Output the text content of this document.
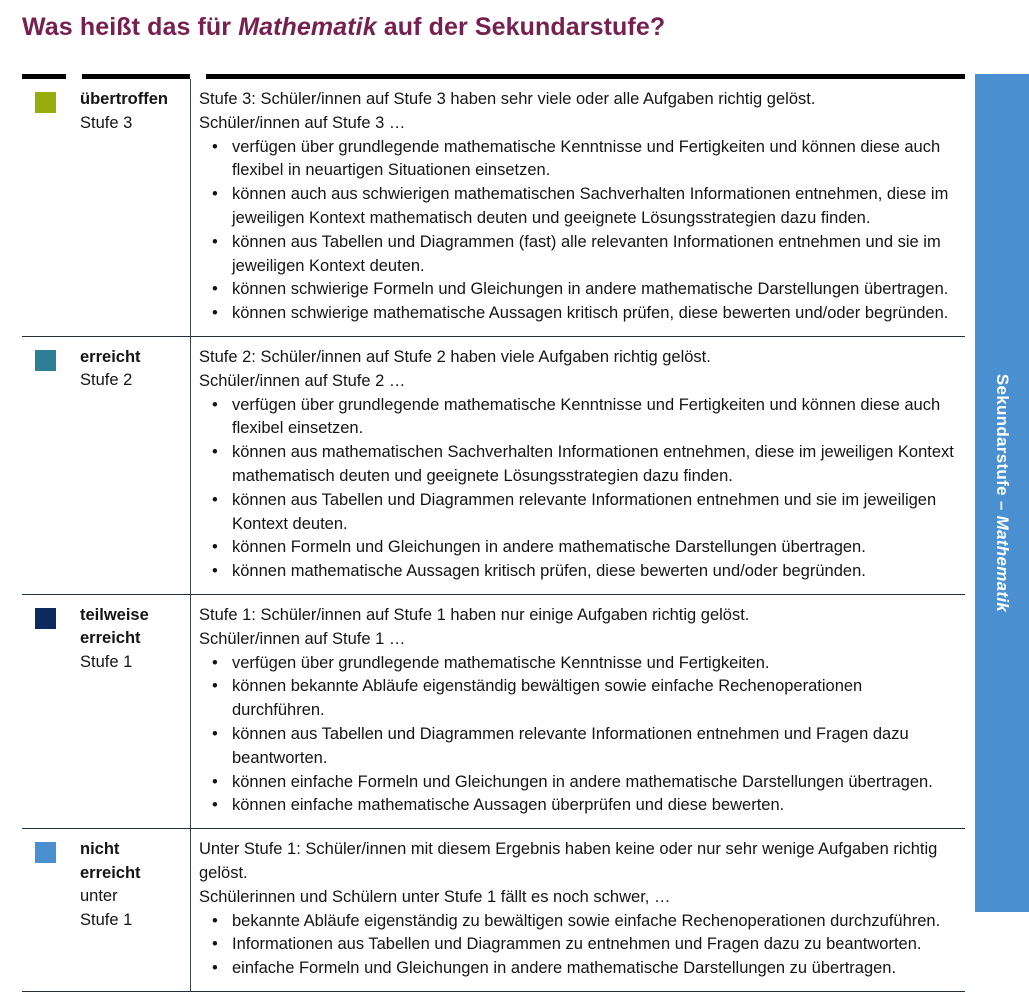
Was heißt das für Mathematik auf der Sekundarstufe?
übertroffen
Stufe 3

Stufe 3: Schüler/innen auf Stufe 3 haben sehr viele oder alle Aufgaben richtig gelöst.

Schüler/innen auf Stufe 3 …

• verfügen über grundlegende mathematische Kenntnisse und Fertigkeiten und können diese auch flexibel in neuartigen Situationen einsetzen.
• können auch aus schwierigen mathematischen Sachverhalten Informationen entnehmen, diese im jeweiligen Kontext mathematisch deuten und geeignete Lösungsstrategien dazu finden.
• können aus Tabellen und Diagrammen (fast) alle relevanten Informationen entnehmen und sie im jeweiligen Kontext deuten.
• können schwierige Formeln und Gleichungen in andere mathematische Darstellungen übertragen.
• können schwierige mathematische Aussagen kritisch prüfen, diese bewerten und/oder begründen.
erreicht
Stufe 2

Stufe 2: Schüler/innen auf Stufe 2 haben viele Aufgaben richtig gelöst.

Schüler/innen auf Stufe 2 …

• verfügen über grundlegende mathematische Kenntnisse und Fertigkeiten und können diese auch flexibel einsetzen.
• können aus mathematischen Sachverhalten Informationen entnehmen, diese im jeweiligen Kontext mathematisch deuten und geeignete Lösungsstrategien dazu finden.
• können aus Tabellen und Diagrammen relevante Informationen entnehmen und sie im jeweiligen Kontext deuten.
• können Formeln und Gleichungen in andere mathematische Darstellungen übertragen.
• können mathematische Aussagen kritisch prüfen, diese bewerten und/oder begründen.
teilweise
erreicht
Stufe 1

Stufe 1: Schüler/innen auf Stufe 1 haben nur einige Aufgaben richtig gelöst.

Schüler/innen auf Stufe 1 …

• verfügen über grundlegende mathematische Kenntnisse und Fertigkeiten.
• können bekannte Abläufe eigenständig bewältigen sowie einfache Rechenoperationen durchführen.
• können aus Tabellen und Diagrammen relevante Informationen entnehmen und Fragen dazu beantworten.
• können einfache Formeln und Gleichungen in andere mathematische Darstellungen übertragen.
• können einfache mathematische Aussagen überprüfen und diese bewerten.
nicht
erreicht
unter
Stufe 1

Unter Stufe 1: Schüler/innen mit diesem Ergebnis haben keine oder nur sehr wenige Aufgaben richtig gelöst.

Schülerinnen und Schülern unter Stufe 1 fällt es noch schwer, …

• bekannte Abläufe eigenständig zu bewältigen sowie einfache Rechenoperationen durchzuführen.
• Informationen aus Tabellen und Diagrammen zu entnehmen und Fragen dazu zu beantworten.
• einfache Formeln und Gleichungen in andere mathematische Darstellungen zu übertragen.
Sekundarstufe – Mathematik
